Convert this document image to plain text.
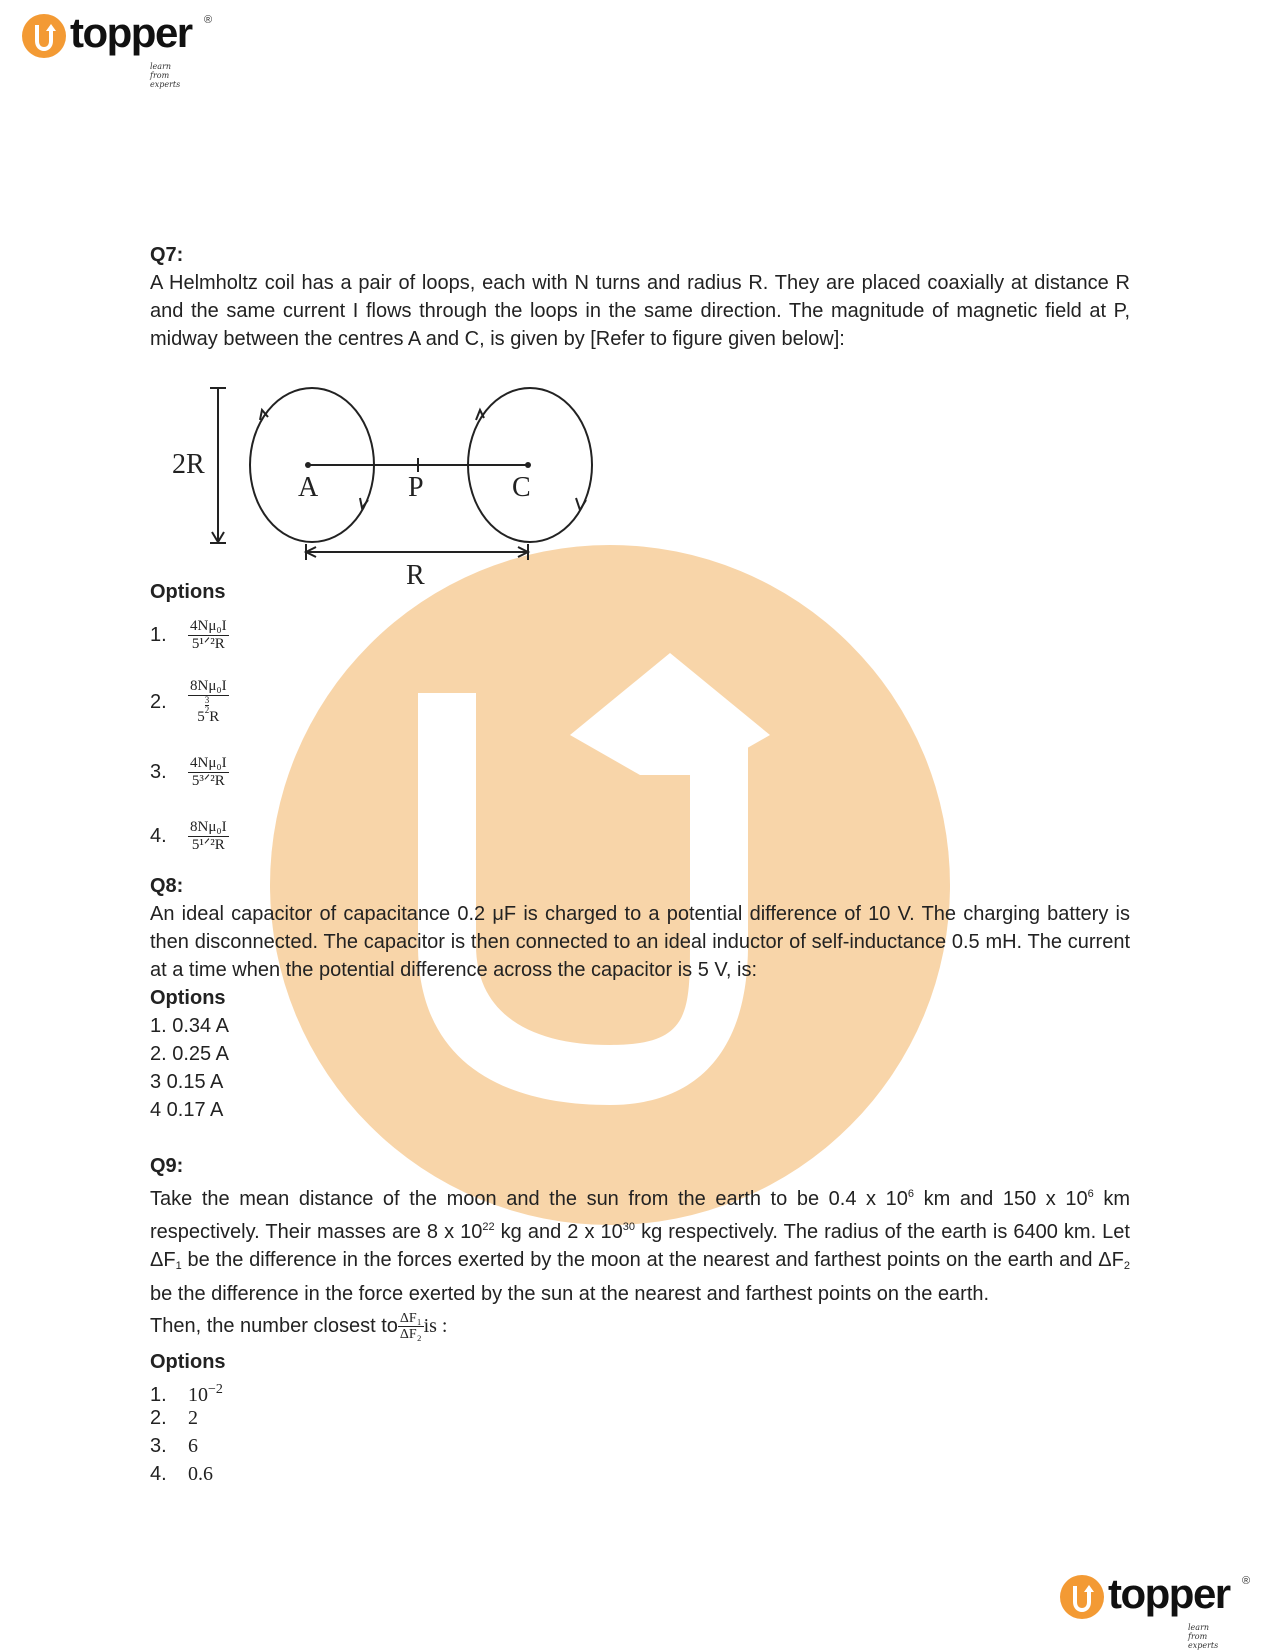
topper ®
learn from experts
topper ®
learn from experts
Q7:
A Helmholtz coil has a pair of loops, each with N turns and radius R. They are placed coaxially at distance R and the same current I flows through the loops in the same direction. The magnitude of magnetic field at P, midway between the centres A and C, is given by [Refer to figure given below]:
Options
1.	$\frac{\text{4Nμ₀I}}{\text{5¹ᐟ²R}}$
2.	8Nμ₀I
5
$\frac{3}{2}$
R
3.	$\frac{\text{4Nμ₀I}}{\text{5³ᐟ²R}}$
4.	$\frac{\text{8Nμ₀I}}{\text{5¹ᐟ²R}}$
Q8:
An ideal capacitor of capacitance 0.2 μF is charged to a potential difference of 10 V. The charging battery is then disconnected. The capacitor is then connected to an ideal inductor of self-inductance 0.5 mH. The current at a time when the potential difference across the capacitor is 5 V, is:
Options
1. 0.34 A
2. 0.25 A
3 0.15 A
4 0.17 A
Q9:
Take the mean distance of the moon and the sun from the earth to be 0.4 x $10^6$ km and 150 x $10^6$ km respectively. Their masses are 8 x $10^{22}$ kg and 2 x $10^{30}$ kg respectively. The radius of the earth is 6400 km. Let $\Delta F_1$ be the difference in the forces exerted by the moon at the nearest and farthest points on the earth and $\Delta F_2$ be the difference in the force exerted by the sun at the nearest and farthest points on the earth.
Then, the number closest to $\frac{\text{ΔF₁}}{\text{ΔF₂}}$ is :
Options
1. $10^{-2}$
2. 2
3. 6
4. 0.6
2R
A	P	C
R
